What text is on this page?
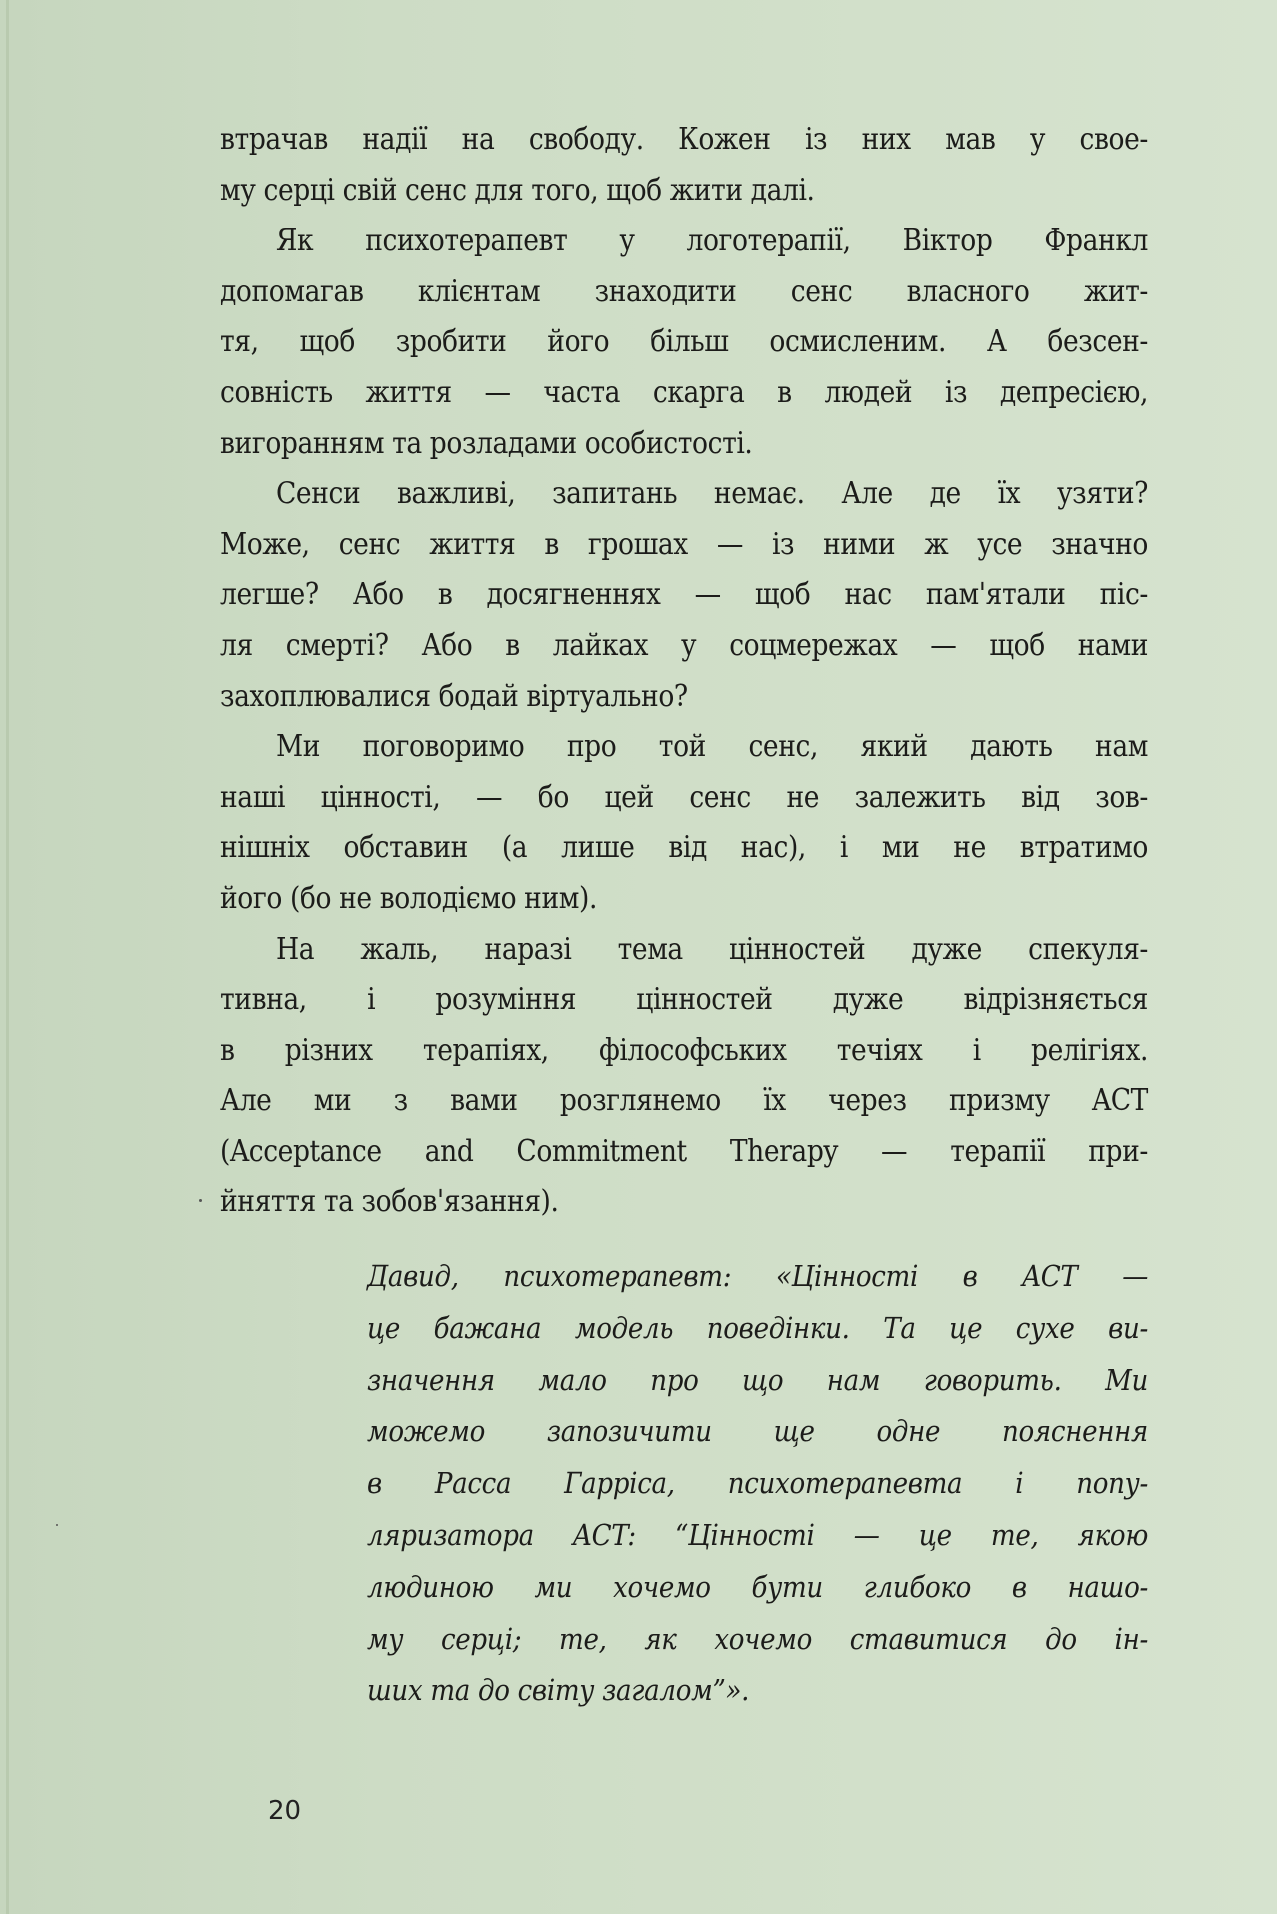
втрачав надії на свободу. Кожен із них мав у свое-
му серці свій сенс для того, щоб жити далі.
Як психотерапевт у логотерапії, Віктор Франкл
допомагав клієнтам знаходити сенс власного жит-
тя, щоб зробити його більш осмисленим. А безсен-
совність життя — часта скарга в людей із депресією,
вигоранням та розладами особистості.
Сенси важливі, запитань немає. Але де їх узяти?
Може, сенс життя в грошах — із ними ж усе значно
легше? Або в досягненнях — щоб нас пам'ятали піс-
ля смерті? Або в лайках у соцмережах — щоб нами
захоплювалися бодай віртуально?
Ми поговоримо про той сенс, який дають нам
наші цінності, — бо цей сенс не залежить від зов-
нішніх обставин (а лише від нас), і ми не втратимо
його (бо не володіємо ним).
На жаль, наразі тема цінностей дуже спекуля-
тивна, і розуміння цінностей дуже відрізняється
в різних терапіях, філософських течіях і релігіях.
Але ми з вами розглянемо їх через призму ACT
(Acceptance and Commitment Therapy — терапії при-
йняття та зобов'язання).
Давид, психотерапевт: «Цінності в ACT —
це бажана модель поведінки. Та це сухе ви-
значення мало про що нам говорить. Ми
можемо запозичити ще одне пояснення
в Расса Гарріса, психотерапевта і попу-
ляризатора ACT: “Цінності — це те, якою
людиною ми хочемо бути глибоко в нашо-
му серці; те, як хочемо ставитися до ін-
ших та до світу загалом”».
20
